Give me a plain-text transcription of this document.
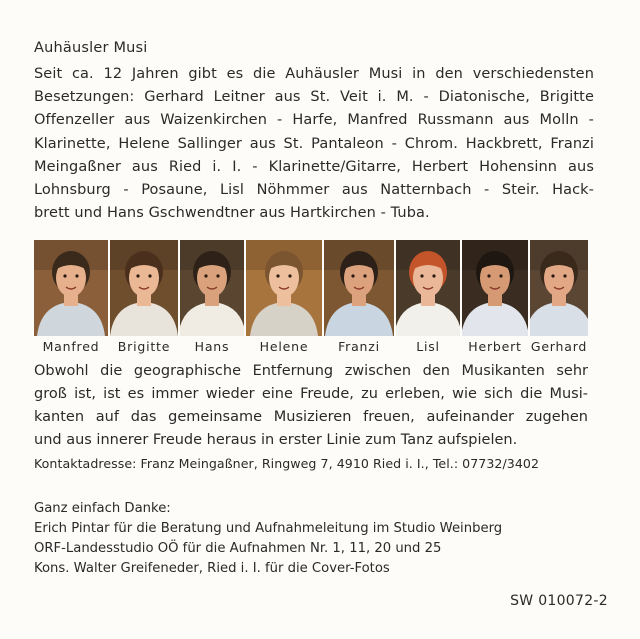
Auhäusler Musi
Seit ca. 12 Jahren gibt es die Auhäusler Musi in den verschiedensten
Besetzungen: Gerhard Leitner aus St. Veit i. M. - Diatonische, Brigitte
Offenzeller aus Waizenkirchen - Harfe, Manfred Russmann aus Molln -
Klarinette, Helene Sallinger aus St. Pantaleon - Chrom. Hackbrett, Franzi
Meingaßner aus Ried i. I. - Klarinette/Gitarre, Herbert Hohensinn aus
Lohnsburg - Posaune, Lisl Nöhmmer aus Natternbach - Steir. Hack-
brett und Hans Gschwendtner aus Hartkirchen - Tuba.
Manfred	Brigitte	Hans	Helene	Franzi	Lisl	Herbert Gerhard
Obwohl die geographische Entfernung zwischen den Musikanten sehr
groß ist, ist es immer wieder eine Freude, zu erleben, wie sich die Musi-
kanten auf das gemeinsame Musizieren freuen, aufeinander zugehen
und aus innerer Freude heraus in erster Linie zum Tanz aufspielen.
Kontaktadresse: Franz Meingaßner, Ringweg 7, 4910 Ried i. I., Tel.: 07732/3402
Ganz einfach Danke:
Erich Pintar für die Beratung und Aufnahmeleitung im Studio Weinberg
ORF-Landesstudio OÖ für die Aufnahmen Nr. 1, 11, 20 und 25
Kons. Walter Greifeneder, Ried i. I. für die Cover-Fotos
SW 010072-2
